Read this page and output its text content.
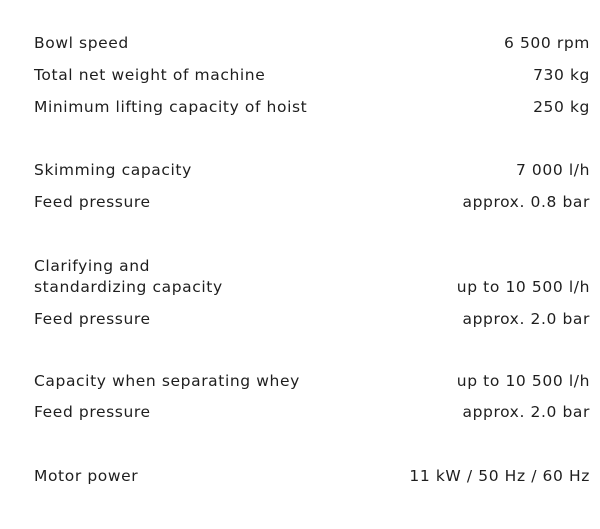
Bowl speed	6 500 rpm
Total net weight of machine	730 kg
Minimum lifting capacity of hoist	250 kg
Skimming capacity	7 000 l/h
Feed pressure	approx. 0.8 bar
Clarifying and
standardizing capacity	up to 10 500 l/h
Feed pressure	approx. 2.0 bar
Capacity when separating whey	up to 10 500 l/h
Feed pressure	approx. 2.0 bar
Motor power	11 kW / 50 Hz / 60 Hz
